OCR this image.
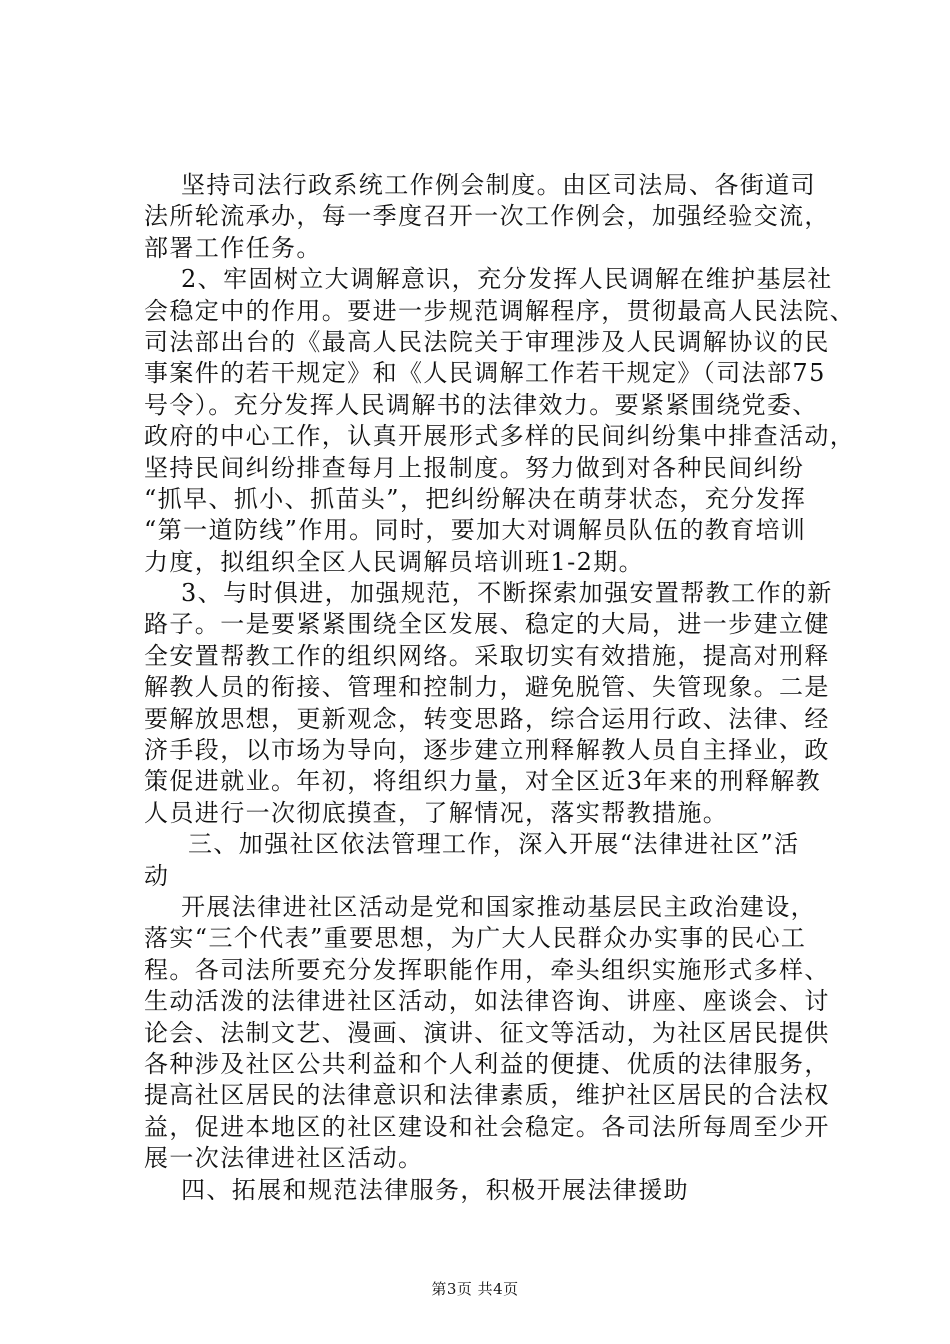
坚持司法行政系统工作例会制度。由区司法局、各街道司
法所轮流承办，每一季度召开一次工作例会，加强经验交流，
部署工作任务。
2、牢固树立大调解意识，充分发挥人民调解在维护基层社
会稳定中的作用。要进一步规范调解程序，贯彻最高人民法院、
司法部出台的《最高人民法院关于审理涉及人民调解协议的民
事案件的若干规定》和《人民调解工作若干规定》（司法部75
号令）。充分发挥人民调解书的法律效力。要紧紧围绕党委、
政府的中心工作，认真开展形式多样的民间纠纷集中排查活动，
坚持民间纠纷排查每月上报制度。努力做到对各种民间纠纷
“抓早、抓小、抓苗头”，把纠纷解决在萌芽状态，充分发挥
“第一道防线”作用。同时，要加大对调解员队伍的教育培训
力度，拟组织全区人民调解员培训班1-2期。
3、与时俱进，加强规范，不断探索加强安置帮教工作的新
路子。一是要紧紧围绕全区发展、稳定的大局，进一步建立健
全安置帮教工作的组织网络。采取切实有效措施，提高对刑释
解教人员的衔接、管理和控制力，避免脱管、失管现象。二是
要解放思想，更新观念，转变思路，综合运用行政、法律、经
济手段，以市场为导向，逐步建立刑释解教人员自主择业，政
策促进就业。年初，将组织力量，对全区近3年来的刑释解教
人员进行一次彻底摸查，了解情况，落实帮教措施。
三、加强社区依法管理工作，深入开展“法律进社区”活
动
开展法律进社区活动是党和国家推动基层民主政治建设，
落实“三个代表”重要思想，为广大人民群众办实事的民心工
程。各司法所要充分发挥职能作用，牵头组织实施形式多样、
生动活泼的法律进社区活动，如法律咨询、讲座、座谈会、讨
论会、法制文艺、漫画、演讲、征文等活动，为社区居民提供
各种涉及社区公共利益和个人利益的便捷、优质的法律服务，
提高社区居民的法律意识和法律素质，维护社区居民的合法权
益，促进本地区的社区建设和社会稳定。各司法所每周至少开
展一次法律进社区活动。
四、拓展和规范法律服务，积极开展法律援助
第3页 共4页
